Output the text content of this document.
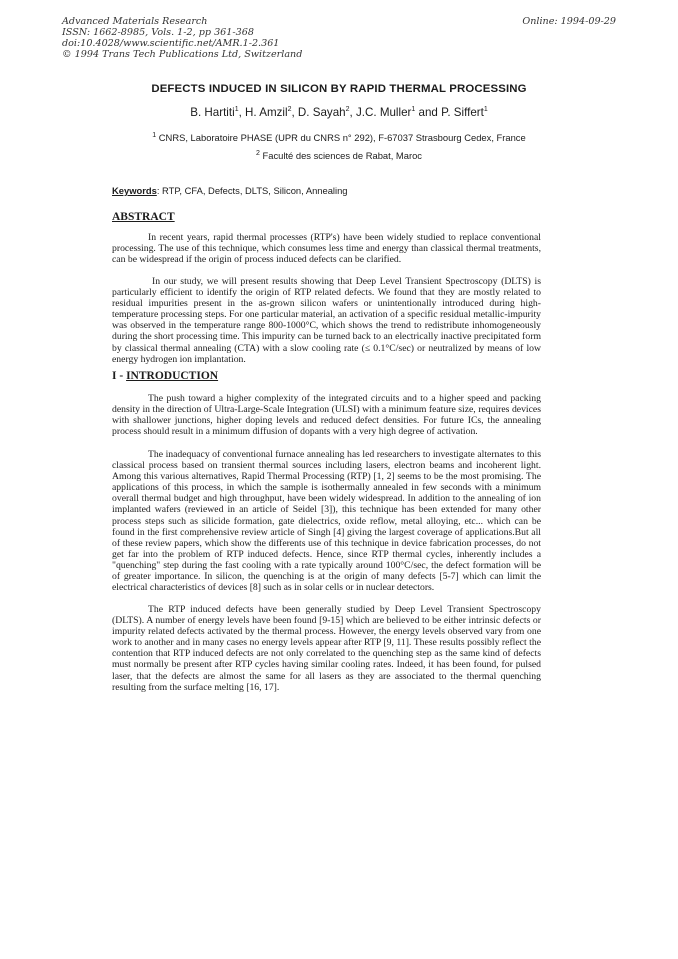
Advanced Materials Research
ISSN: 1662-8985, Vols. 1-2, pp 361-368
doi:10.4028/www.scientific.net/AMR.1-2.361
© 1994 Trans Tech Publications Ltd, Switzerland
Online: 1994-09-29
DEFECTS INDUCED IN SILICON BY RAPID THERMAL PROCESSING
B. Hartiti$^1$, H. Amzil$^2$, D. Sayah$^2$, J.C. Muller$^1$ and P. Siffert$^1$
$^1$ CNRS, Laboratoire PHASE (UPR du CNRS n° 292), F-67037 Strasbourg Cedex, France
$^2$ Faculté des sciences de Rabat, Maroc
Keywords: RTP, CFA, Defects, DLTS, Silicon, Annealing
ABSTRACT

In recent years, rapid thermal processes (RTP's) have been widely studied to replace conventional processing. The use of this technique, which consumes less time and energy than classical thermal treatments, can be widespread if the origin of process induced defects can be clarified.

In our study, we will present results showing that Deep Level Transient Spectroscopy (DLTS) is particularly efficient to identify the origin of RTP related defects. We found that they are mostly related to residual impurities present in the as-grown silicon wafers or unintentionally introduced during high-temperature processing steps. For one particular material, an activation of a specific residual metallic-impurity was observed in the temperature range 800-1000°C, which shows the trend to redistribute inhomogeneously during the short processing time. This impurity can be turned back to an electrically inactive precipitated form by classical thermal annealing (CTA) with a slow cooling rate (≤ 0.1°C/sec) or neutralized by means of low energy hydrogen ion implantation.

I - INTRODUCTION

The push toward a higher complexity of the integrated circuits and to a higher speed and packing density in the direction of Ultra-Large-Scale Integration (ULSI) with a minimum feature size, requires devices with shallower junctions, higher doping levels and reduced defect densities. For future ICs, the annealing process should result in a minimum diffusion of dopants with a very high degree of activation.

The inadequacy of conventional furnace annealing has led researchers to investigate alternates to this classical process based on transient thermal sources including lasers, electron beams and incoherent light. Among this various alternatives, Rapid Thermal Processing (RTP) [1, 2] seems to be the most promising. The applications of this process, in which the sample is isothermally annealed in few seconds with a minimum overall thermal budget and high throughput, have been widely widespread. In addition to the annealing of ion implanted wafers (reviewed in an article of Seidel [3]), this technique has been extended for many other process steps such as silicide formation, gate dielectrics, oxide reflow, metal alloying, etc... which can be found in the first comprehensive review article of Singh [4] giving the largest coverage of applications.But all of these review papers, which show the differents use of this technique in device fabrication processes, do not get far into the problem of RTP induced defects. Hence, since RTP thermal cycles, inherently includes a "quenching" step during the fast cooling with a rate typically around 100°C/sec, the defect formation will be of greater importance. In silicon, the quenching is at the origin of many defects [5-7] which can limit the electrical characteristics of devices [8] such as in solar cells or in nuclear detectors.

The RTP induced defects have been generally studied by Deep Level Transient Spectroscopy (DLTS). A number of energy levels have been found [9-15] which are believed to be either intrinsic defects or impurity related defects activated by the thermal process. However, the energy levels observed vary from one work to another and in many cases no energy levels appear after RTP [9, 11]. These results possibly reflect the contention that RTP induced defects are not only correlated to the quenching step as the same kind of defects must normally be present after RTP cycles having similar cooling rates. Indeed, it has been found, for pulsed laser, that the defects are almost the same for all lasers as they are associated to the thermal quenching resulting from the surface melting [16, 17].
